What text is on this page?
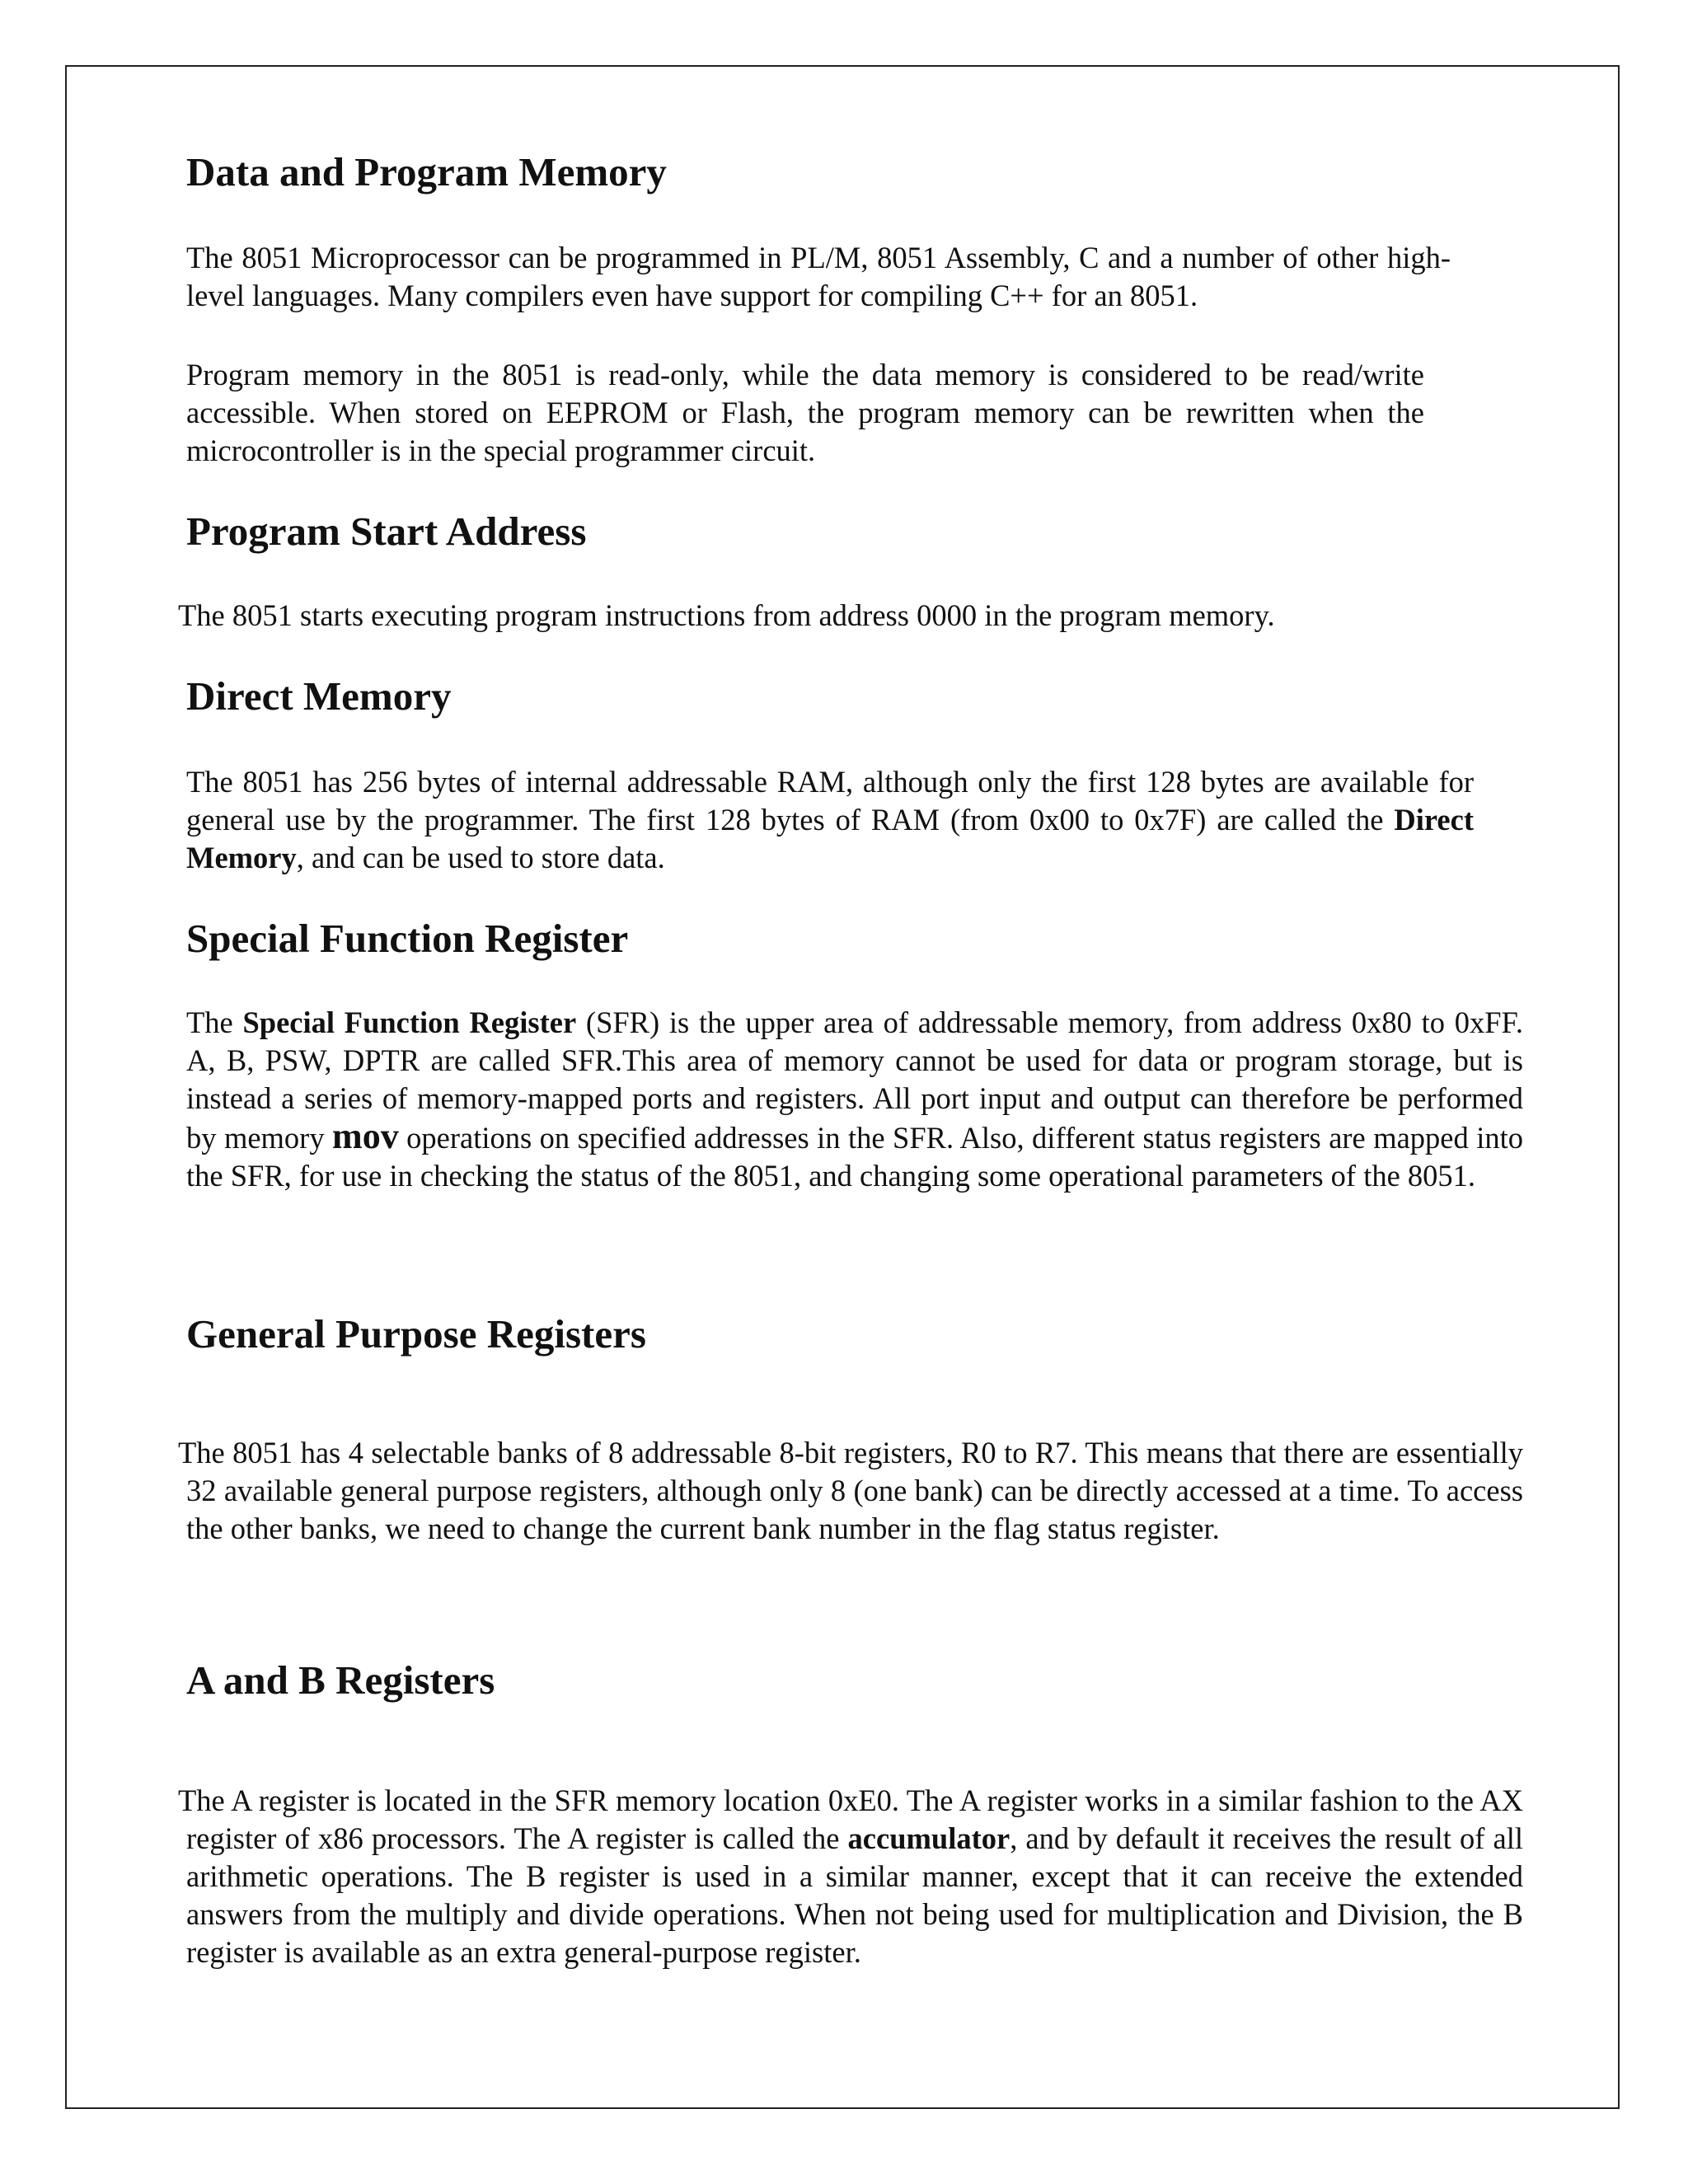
Data and Program Memory

The 8051 Microprocessor can be programmed in PL/M, 8051 Assembly, C and a number of other high-level languages. Many compilers even have support for compiling C++ for an 8051.

Program memory in the 8051 is read-only, while the data memory is considered to be read/write accessible. When stored on EEPROM or Flash, the program memory can be rewritten when the microcontroller is in the special programmer circuit.

Program Start Address

The 8051 starts executing program instructions from address 0000 in the program memory.

Direct Memory

The 8051 has 256 bytes of internal addressable RAM, although only the first 128 bytes are available for general use by the programmer. The first 128 bytes of RAM (from 0x00 to 0x7F) are called the Direct Memory, and can be used to store data.

Special Function Register

The Special Function Register (SFR) is the upper area of addressable memory, from address 0x80 to 0xFF. A, B, PSW, DPTR are called SFR.This area of memory cannot be used for data or program storage, but is instead a series of memory-mapped ports and registers. All port input and output can therefore be performed by memory mov operations on specified addresses in the SFR. Also, different status registers are mapped into the SFR, for use in checking the status of the 8051, and changing some operational parameters of the 8051.

General Purpose Registers

The 8051 has 4 selectable banks of 8 addressable 8-bit registers, R0 to R7. This means that there are essentially 32 available general purpose registers, although only 8 (one bank) can be directly accessed at a time. To access the other banks, we need to change the current bank number in the flag status register.

A and B Registers

The A register is located in the SFR memory location 0xE0. The A register works in a similar fashion to the AX register of x86 processors. The A register is called the accumulator, and by default it receives the result of all arithmetic operations. The B register is used in a similar manner, except that it can receive the extended answers from the multiply and divide operations. When not being used for multiplication and Division, the B register is available as an extra general-purpose register.
